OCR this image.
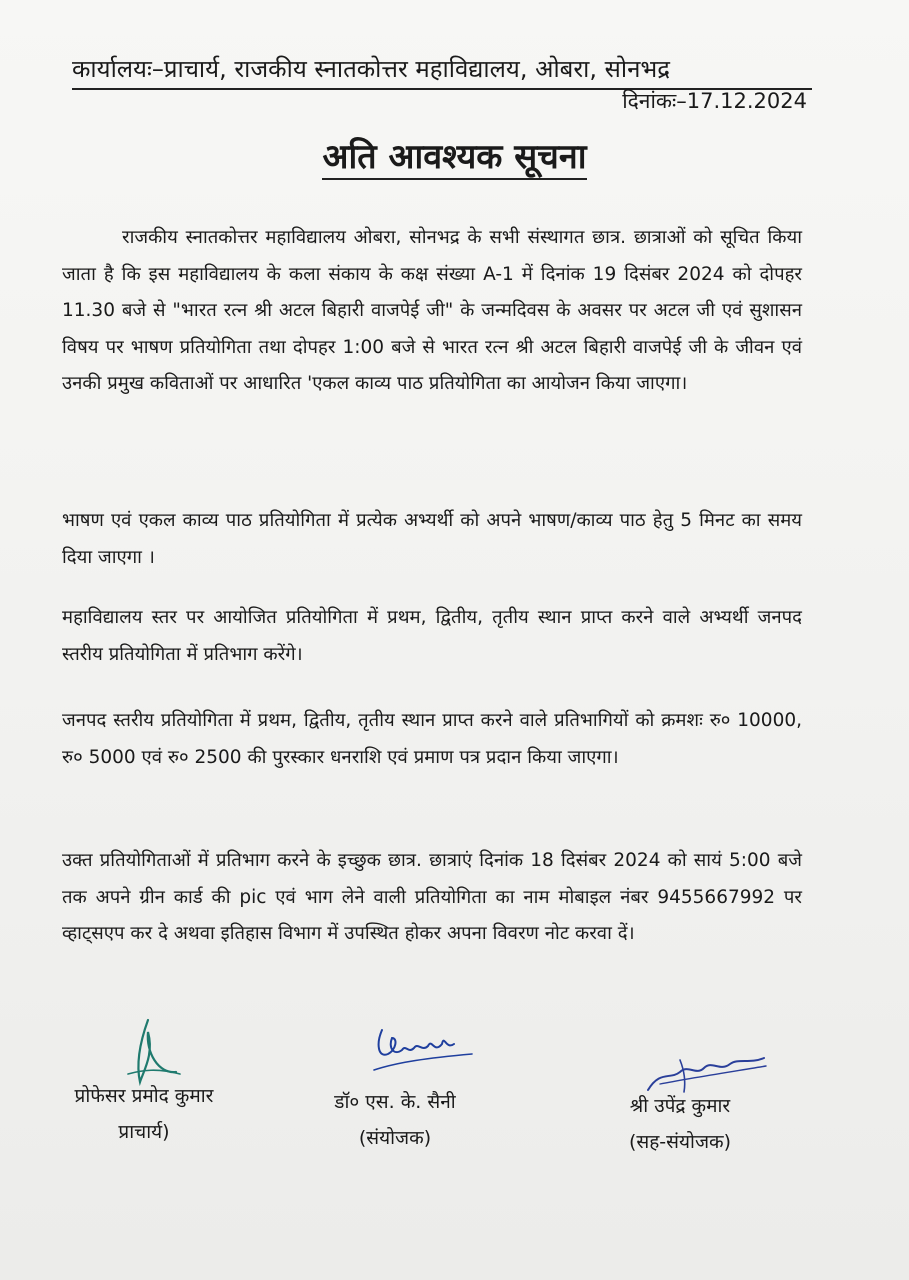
कार्यालयः–प्राचार्य, राजकीय स्नातकोत्तर महाविद्यालय, ओबरा, सोनभद्र
दिनांकः–17.12.2024
अति आवश्यक सूचना
राजकीय स्नातकोत्तर महाविद्यालय ओबरा, सोनभद्र के सभी संस्थागत छात्र. छात्राओं को सूचित किया जाता है कि इस महाविद्यालय के कला संकाय के कक्ष संख्या A-1 में दिनांक 19 दिसंबर 2024 को दोपहर 11.30 बजे से "भारत रत्न श्री अटल बिहारी वाजपेई जी" के जन्मदिवस के अवसर पर अटल जी एवं सुशासन विषय पर भाषण प्रतियोगिता तथा दोपहर 1:00 बजे से भारत रत्न श्री अटल बिहारी वाजपेई जी के जीवन एवं उनकी प्रमुख कविताओं पर आधारित 'एकल काव्य पाठ प्रतियोगिता का आयोजन किया जाएगा।
भाषण एवं एकल काव्य पाठ प्रतियोगिता में प्रत्येक अभ्यर्थी को अपने भाषण/काव्य पाठ हेतु 5 मिनट का समय दिया जाएगा ।
महाविद्यालय स्तर पर आयोजित प्रतियोगिता में प्रथम, द्वितीय, तृतीय स्थान प्राप्त करने वाले अभ्यर्थी जनपद स्तरीय प्रतियोगिता में प्रतिभाग करेंगे।
जनपद स्तरीय प्रतियोगिता में प्रथम, द्वितीय, तृतीय स्थान प्राप्त करने वाले प्रतिभागियों को क्रमशः रु० 10000, रु० 5000 एवं रु० 2500 की पुरस्कार धनराशि एवं प्रमाण पत्र प्रदान किया जाएगा।
उक्त प्रतियोगिताओं में प्रतिभाग करने के इच्छुक छात्र. छात्राएं दिनांक 18 दिसंबर 2024 को सायं 5:00 बजे तक अपने ग्रीन कार्ड की pic एवं भाग लेने वाली प्रतियोगिता का नाम मोबाइल नंबर 9455667992 पर व्हाट्सएप कर दे अथवा इतिहास विभाग में उपस्थित होकर अपना विवरण नोट करवा दें।
प्रोफेसर प्रमोद कुमार
प्राचार्य)
डॉ० एस. के. सैनी
(संयोजक)
श्री उपेंद्र कुमार
(सह-संयोजक)
